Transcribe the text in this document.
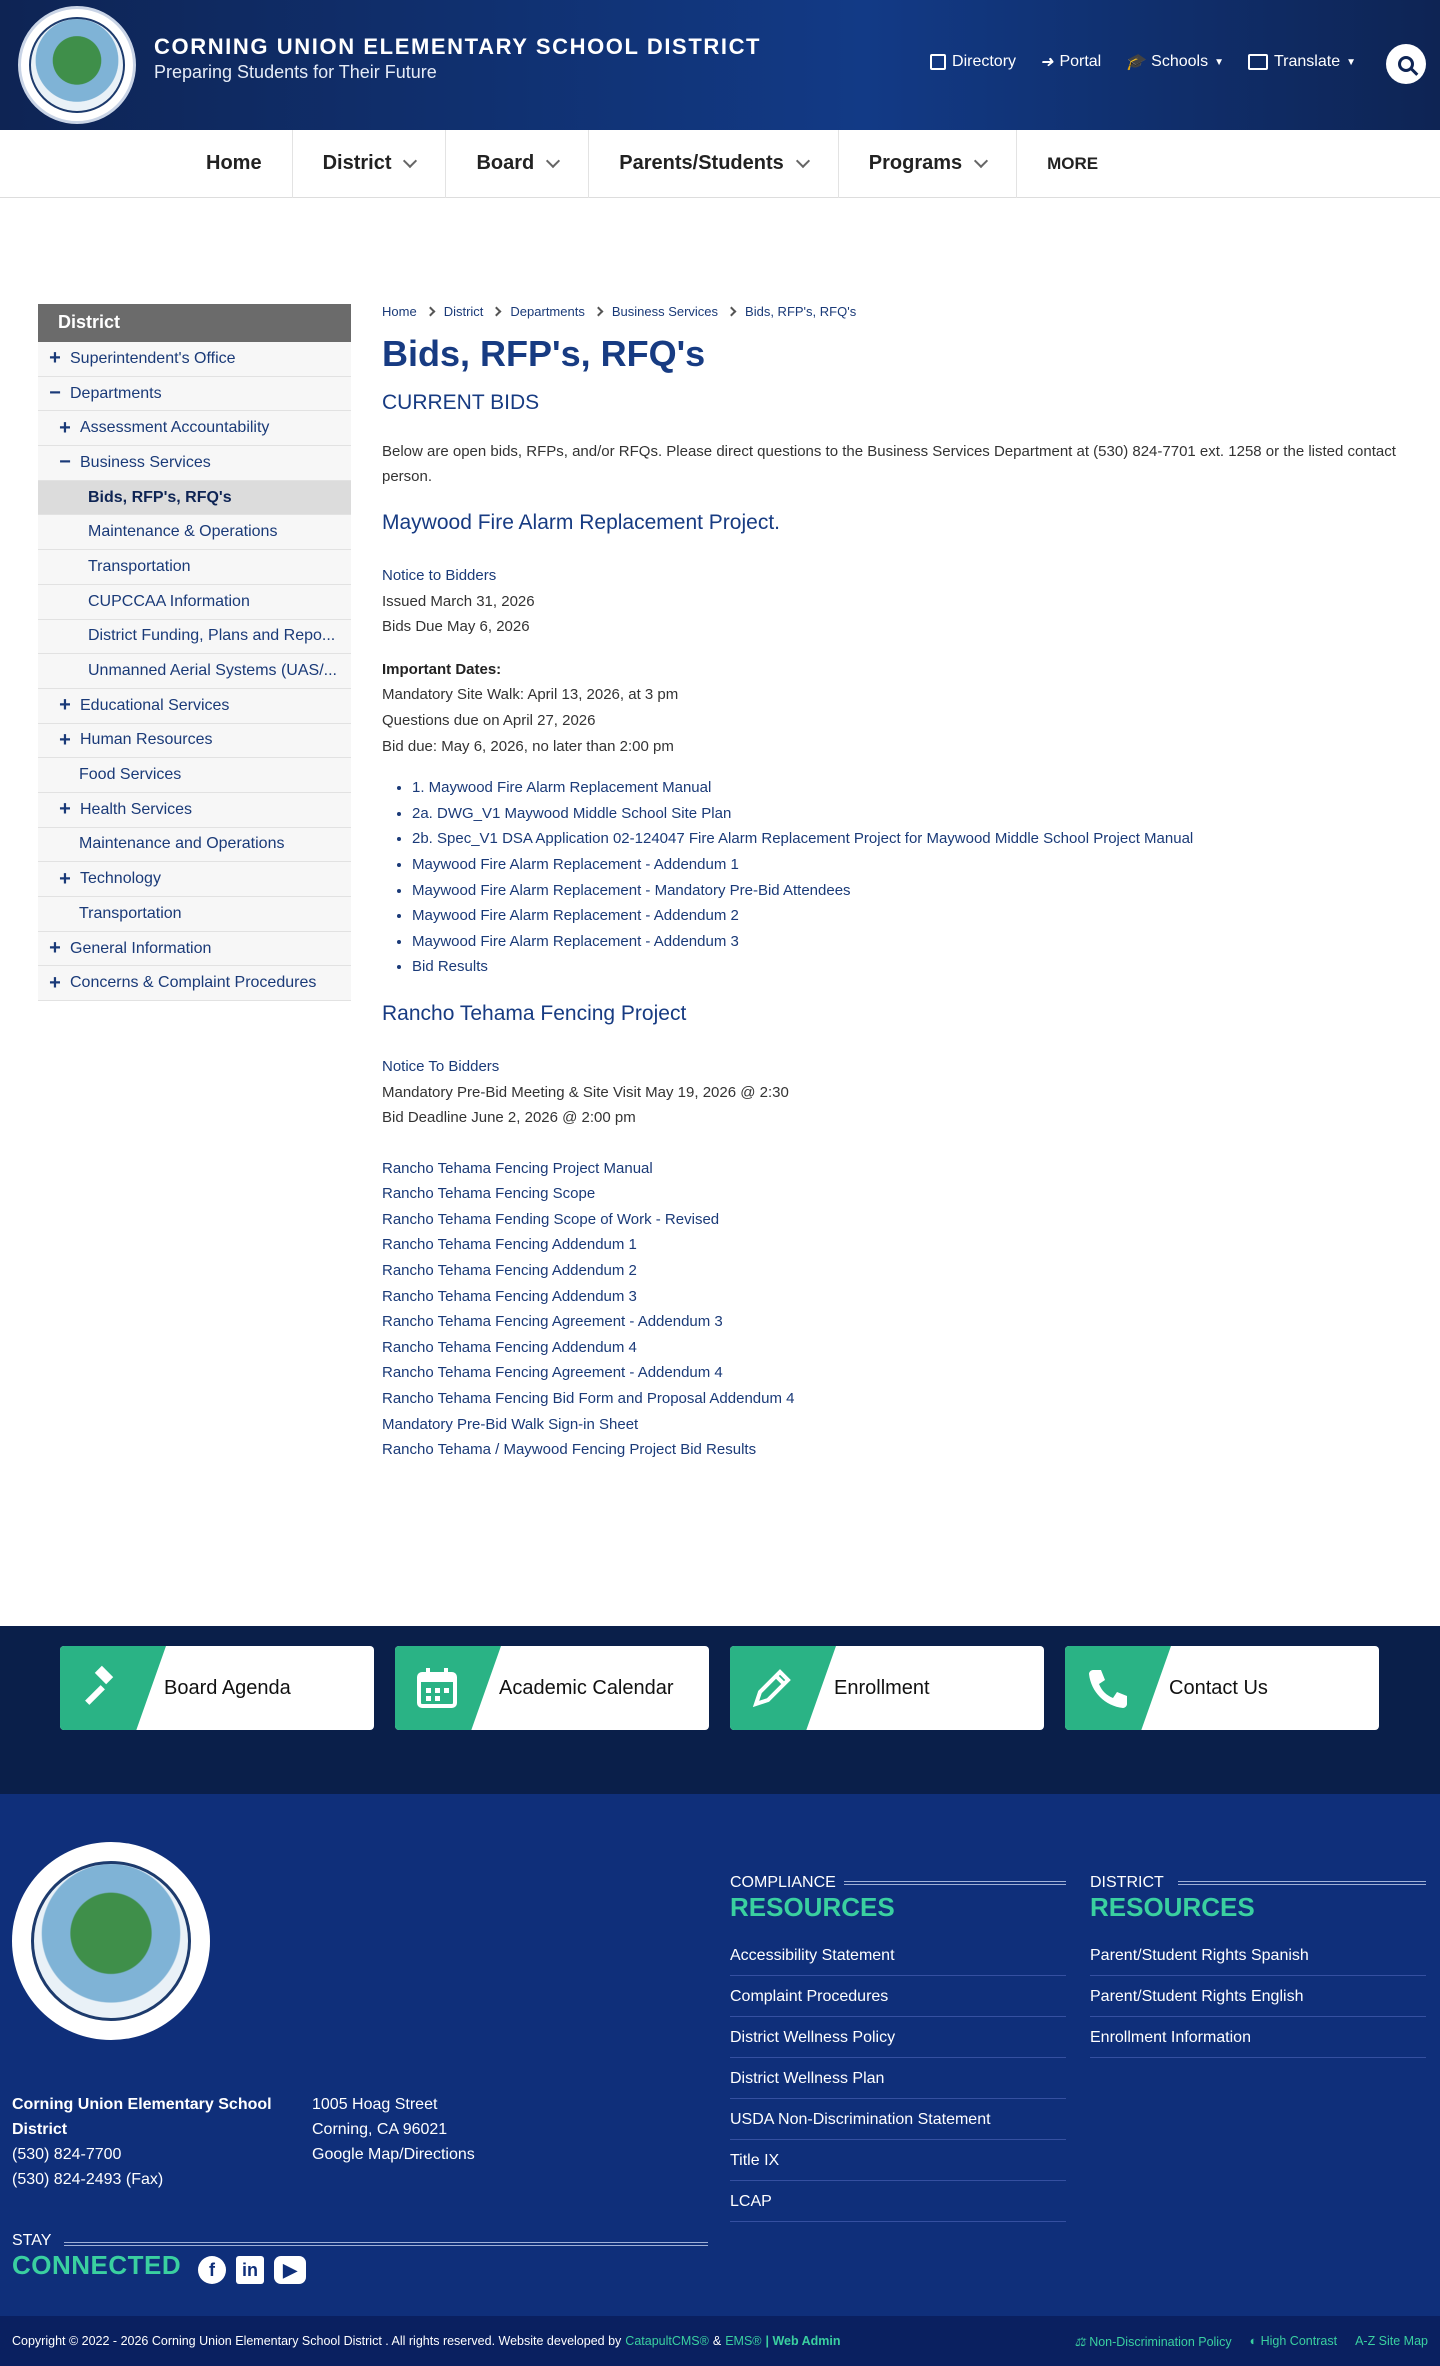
CORNING UNION ELEMENTARY SCHOOL DISTRICT
Preparing Students for Their Future
Directory ➜ Portal 🎓 Schools ▼	Translate ▼
Home	District	Board	Parents/Students	Programs	MORE
District
+ Superintendent's Office
− Departments
+ Assessment Accountability
− Business Services
Bids, RFP's, RFQ's
Maintenance & Operations
Transportation
CUPCCAA Information
District Funding, Plans and Repo...
Unmanned Aerial Systems (UAS/...
+ Educational Services
+ Human Resources
Food Services
+ Health Services
Maintenance and Operations
+ Technology
Transportation
+ General Information
+ Concerns & Complaint Procedures
Home District Departments Business Services Bids, RFP's, RFQ's
Bids, RFP's, RFQ's
CURRENT BIDS

Below are open bids, RFPs, and/or RFQs. Please direct questions to the Business Services Department at (530) 824-7701 ext. 1258 or the listed contact person.

Maywood Fire Alarm Replacement Project.
Notice to Bidders
Issued March 31, 2026
Bids Due May 6, 2026
Important Dates:
Mandatory Site Walk: April 13, 2026, at 3 pm
Questions due on April 27, 2026
Bid due: May 6, 2026, no later than 2:00 pm
• 1. Maywood Fire Alarm Replacement Manual
• 2a. DWG_V1 Maywood Middle School Site Plan
• 2b. Spec_V1 DSA Application 02-124047 Fire Alarm Replacement Project for Maywood Middle School Project Manual
• Maywood Fire Alarm Replacement - Addendum 1
• Maywood Fire Alarm Replacement - Mandatory Pre-Bid Attendees
• Maywood Fire Alarm Replacement - Addendum 2
• Maywood Fire Alarm Replacement - Addendum 3
• Bid Results
Rancho Tehama Fencing Project
Notice To Bidders
Mandatory Pre-Bid Meeting & Site Visit May 19, 2026 @ 2:30
Bid Deadline June 2, 2026 @ 2:00 pm
Rancho Tehama Fencing Project Manual
Rancho Tehama Fencing Scope
Rancho Tehama Fending Scope of Work - Revised
Rancho Tehama Fencing Addendum 1
Rancho Tehama Fencing Addendum 2
Rancho Tehama Fencing Addendum 3
Rancho Tehama Fencing Agreement - Addendum 3
Rancho Tehama Fencing Addendum 4
Rancho Tehama Fencing Agreement - Addendum 4
Rancho Tehama Fencing Bid Form and Proposal Addendum 4
Mandatory Pre-Bid Walk Sign-in Sheet
Rancho Tehama / Maywood Fencing Project Bid Results
Board Agenda	Academic Calendar	Enrollment	Contact Us
Corning Union Elementary School District
(530) 824-7700
(530) 824-2493 (Fax)
1005 Hoag Street
Corning, CA 96021
Google Map/Directions
STAY
CONNECTED	f	in	▶
COMPLIANCE
RESOURCES
Accessibility Statement
Complaint Procedures
District Wellness Policy
District Wellness Plan
USDA Non-Discrimination Statement
Title IX
LCAP
DISTRICT
RESOURCES
Parent/Student Rights Spanish
Parent/Student Rights English
Enrollment Information
Copyright © 2022 - 2026 Corning Union Elementary School District . All rights reserved. Website developed by CatapultCMS® & EMS® | Web Admin	⚖ Non-Discrimination Policy ◐ High Contrast A-Z Site Map
